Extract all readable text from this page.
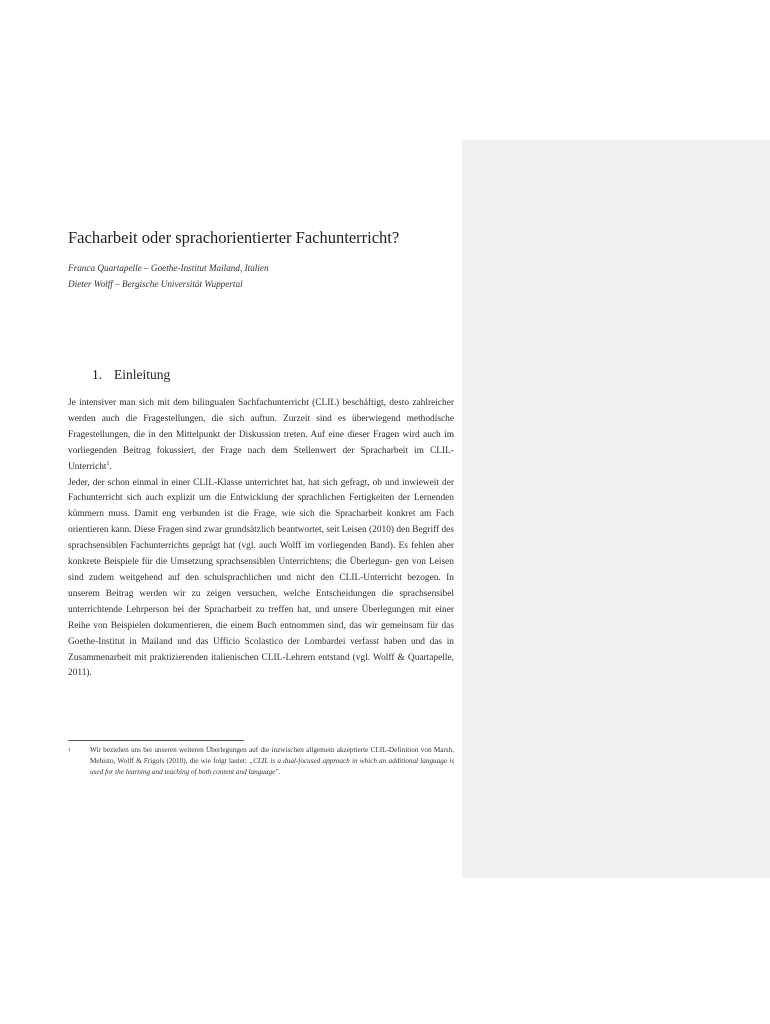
Facharbeit oder sprachorientierter Fachunterricht?
Franca Quartapelle – Goethe-Institut Mailand, Italien
Dieter Wolff – Bergische Universität Wuppertal
1. Einleitung

Je intensiver man sich mit dem bilingualen Sachfachunterricht (CLIL) beschäftigt, desto zahlreicher werden auch die Fragestellungen, die sich auftun. Zurzeit sind es überwiegend methodische Fragestellungen, die in den Mittelpunkt der Diskussion treten. Auf eine dieser Fragen wird auch im vorliegenden Beitrag fokussiert, der Frage nach dem Stellenwert der Spracharbeit im CLIL-Unterricht$^1$.

Jeder, der schon einmal in einer CLIL-Klasse unterrichtet hat, hat sich gefragt, ob und inwieweit der Fachunterricht sich auch explizit um die Entwicklung der sprachlichen Fertigkeiten der Lernenden kümmern muss. Damit eng verbunden ist die Frage, wie sich die Spracharbeit konkret am Fach orientieren kann. Diese Fragen sind zwar grundsätzlich beantwortet, seit Leisen (2010) den Begriff des sprachsensiblen Fachunterrichts geprägt hat (vgl. auch Wolff im vorliegenden Band). Es fehlen aber konkrete Beispiele für die Umsetzung sprachsensiblen Unterrichtens; die Überlegun- gen von Leisen sind zudem weitgehend auf den schulsprachlichen und nicht den CLIL-Unterricht bezogen. In unserem Beitrag werden wir zu zeigen versuchen, welche Entscheidungen die sprachsensibel unterrichtende Lehrperson bei der Spracharbeit zu treffen hat, und unsere Überlegungen mit einer Reihe von Beispielen dokumentieren, die einem Buch entnommen sind, das wir gemeinsam für das Goethe-Institut in Mailand und das Ufficio Scolastico der Lombardei verfasst haben und das in Zusammenarbeit mit praktizierenden italienischen CLIL-Lehrern entstand (vgl. Wolff & Quartapelle, 2011).

1	Wir beziehen uns bei unseren weiteren Überlegungen auf die inzwischen allgemein akzeptierte CLIL-Definition von Marsh, Mehisto, Wolff & Frigols (2010), die wie folgt lautet: „CLIL is a dual-focused approach in which an additional language is used for the learning and teaching of both content and language".
